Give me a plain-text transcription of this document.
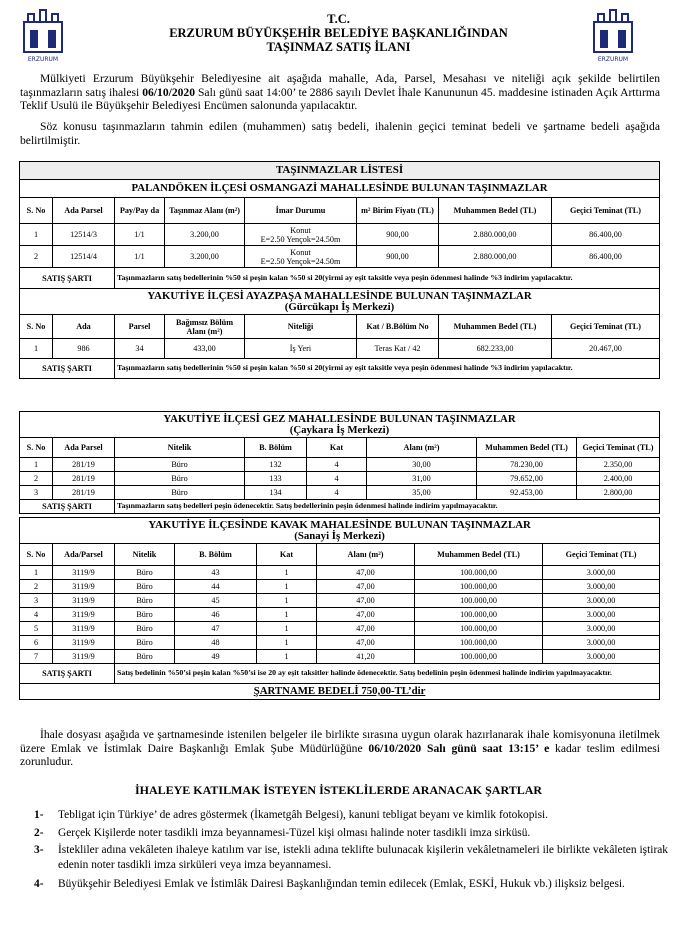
ERZURUM	ERZURUM
T.C.
ERZURUM BÜYÜKŞEHİR BELEDİYE BAŞKANLIĞINDAN
TAŞINMAZ SATIŞ İLANI
Mülkiyeti Erzurum Büyükşehir Belediyesine ait aşağıda mahalle, Ada, Parsel, Mesahası ve niteliği açık şekilde belirtilen taşınmazların satış ihalesi 06/10/2020 Salı günü saat 14:00’ te 2886 sayılı Devlet İhale Kanununun 45. maddesine istinaden Açık Arttırma Teklif Usulü ile Büyükşehir Belediyesi Encümen salonunda yapılacaktır.
Söz konusu taşınmazların tahmin edilen (muhammen) satış bedeli, ihalenin geçici teminat bedeli ve şartname bedeli aşağıda belirtilmiştir.
TAŞINMAZLAR LİSTESİ							
PALANDÖKEN İLÇESİ OSMANGAZİ MAHALLESİNDE BULUNAN TAŞINMAZLAR							
S. No	Ada Parsel	Pay/Pay da	Taşınmaz Alanı (m²)	İmar Durumu	m² Birim Fiyatı (TL)	Muhammen Bedel (TL)	Geçici Teminat (TL)
1	12514/3	1/1	3.200,00	Konut
E=2.50 Yençok=24.50m	900,00	2.880.000,00	86.400,00
2	12514/4	1/1	3.200,00	Konut
E=2.50 Yençok=24.50m	900,00	2.880.000,00	86.400,00
SATIŞ ŞARTI		Taşınmazların satış bedellerinin %50 si peşin kalan %50 si 20(yirmi ay eşit taksitle veya peşin ödenmesi halinde %3 indirim yapılacaktır.					

YAKUTİYE İLÇESİ AYAZPAŞA MAHALLESİNDE BULUNAN TAŞINMAZLAR
(Gürcükapı İş Merkezi)							

S. No	Ada	Parsel	Bağımsız Bölüm Alanı (m²)	Niteliği	Kat / B.Bölüm No	Muhammen Bedel (TL)	Geçici Teminat (TL)
1	986	34	433,00	İş Yeri	Teras Kat / 42	682.233,00	20.467,00
SATIŞ ŞARTI		Taşınmazların satış bedellerinin %50 si peşin kalan %50 si 20(yirmi ay eşit taksitle veya peşin ödenmesi halinde %3 indirim yapılacaktır.					
YAKUTİYE İLÇESİ GEZ MAHALLESİNDE BULUNAN TAŞINMAZLAR
(Çaykara İş Merkezi)							

S. No	Ada Parsel	Nitelik	B. Bölüm	Kat	Alanı (m²)	Muhammen Bedel (TL)	Geçici Teminat (TL)
1	281/19	Büro	132	4	30,00	78.230,00	2.350,00
2	281/19	Büro	133	4	31,00	79.652,00	2.400,00
3	281/19	Büro	134	4	35,00	92.453,00	2.800,00
SATIŞ ŞARTI		Taşınmazların satış bedelleri peşin ödenecektir. Satış bedellerinin peşin ödenmesi halinde indirim yapılmayacaktır.					
YAKUTİYE İLÇESİNDE KAVAK MAHALESİNDE BULUNAN TAŞINMAZLAR
(Sanayi İş Merkezi)							

S. No	Ada/Parsel	Nitelik	B. Bölüm	Kat	Alanı (m²)	Muhammen Bedel (TL)	Geçici Teminat (TL)
1	3119/9	Büro	43	1	47,00	100.000,00	3.000,00
2	3119/9	Büro	44	1	47,00	100.000,00	3.000,00
3	3119/9	Büro	45	1	47,00	100.000,00	3.000,00
4	3119/9	Büro	46	1	47,00	100.000,00	3.000,00
5	3119/9	Büro	47	1	47,00	100.000,00	3.000,00
6	3119/9	Büro	48	1	47,00	100.000,00	3.000,00
7	3119/9	Büro	49	1	41,20	100.000,00	3.000,00
SATIŞ ŞARTI		Satış bedelinin %50’si peşin kalan %50’si ise 20 ay eşit taksitler halinde ödenecektir. Satış bedelinin peşin ödenmesi halinde indirim yapılmayacaktır.					
ŞARTNAME BEDELİ 750,00-TL’dir							
İhale dosyası aşağıda ve şartnamesinde istenilen belgeler ile birlikte sırasına uygun olarak hazırlanarak ihale komisyonuna iletilmek üzere Emlak ve İstimlak Daire Başkanlığı Emlak Şube Müdürlüğüne 06/10/2020 Salı günü saat 13:15’ e kadar teslim edilmesi zorunludur.
İHALEYE KATILMAK İSTEYEN İSTEKLİLERDE ARANACAK ŞARTLAR
1- Tebligat için Türkiye’ de adres göstermek (İkametgâh Belgesi), kanuni tebligat beyanı ve kimlik fotokopisi.
2- Gerçek Kişilerde noter tasdikli imza beyannamesi-Tüzel kişi olması halinde noter tasdikli imza sirküsü.
3- İstekliler adına vekâleten ihaleye katılım var ise, istekli adına teklifte bulunacak kişilerin vekâletnameleri ile birlikte vekâleten iştirak edenin noter tasdikli imza sirküleri veya imza beyannamesi.
4- Büyükşehir Belediyesi Emlak ve İstimlâk Dairesi Başkanlığından temin edilecek (Emlak, ESKİ, Hukuk vb.) ilişksiz belgesi.
